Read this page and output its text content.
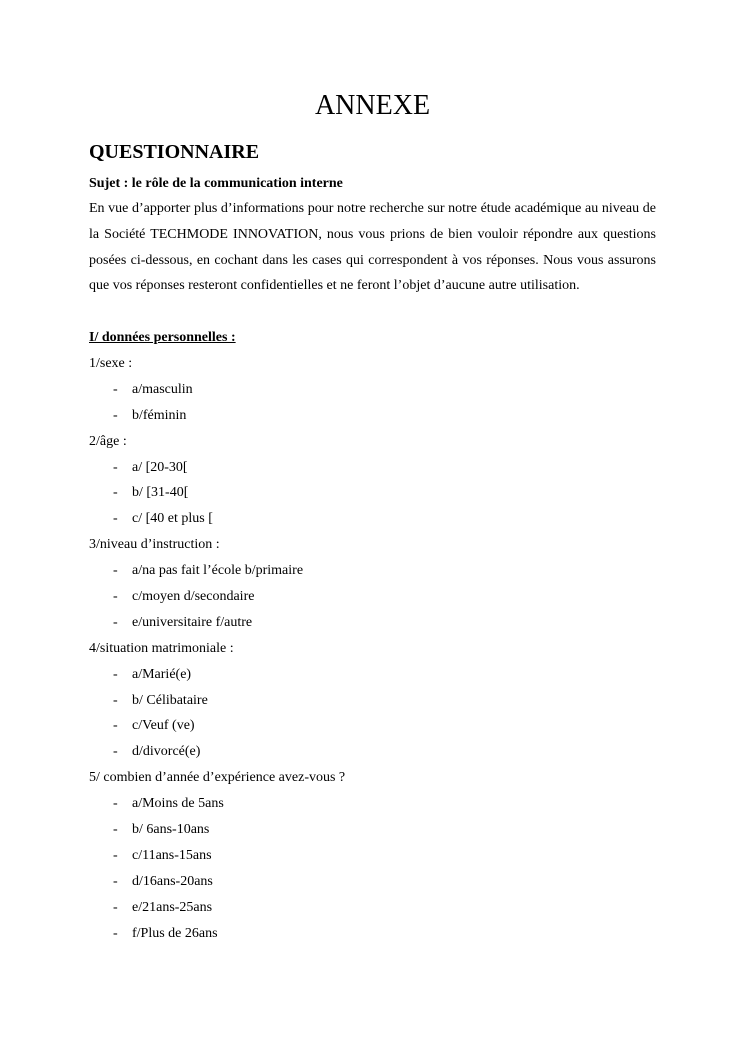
ANNEXE
QUESTIONNAIRE
Sujet : le rôle de la communication interne
En vue d’apporter plus d’informations pour notre recherche sur notre étude académique au niveau de la Société TECHMODE INNOVATION, nous vous prions de bien vouloir répondre aux questions posées ci-dessous, en cochant dans les cases qui correspondent à vos réponses. Nous vous assurons que vos réponses resteront confidentielles et ne feront l’objet d’aucune autre utilisation.
I/ données personnelles :
1/sexe :
- a/masculin
- b/féminin
2/âge :
- a/ [20-30[
- b/ [31-40[
- c/ [40 et plus [
3/niveau d’instruction :
- a/na pas fait l’école b/primaire
- c/moyen d/secondaire
- e/universitaire f/autre
4/situation matrimoniale :
- a/Marié(e)
- b/ Célibataire
- c/Veuf (ve)
- d/divorcé(e)
5/ combien d’année d’expérience avez-vous ?
- a/Moins de 5ans
- b/ 6ans-10ans
- c/11ans-15ans
- d/16ans-20ans
- e/21ans-25ans
- f/Plus de 26ans
